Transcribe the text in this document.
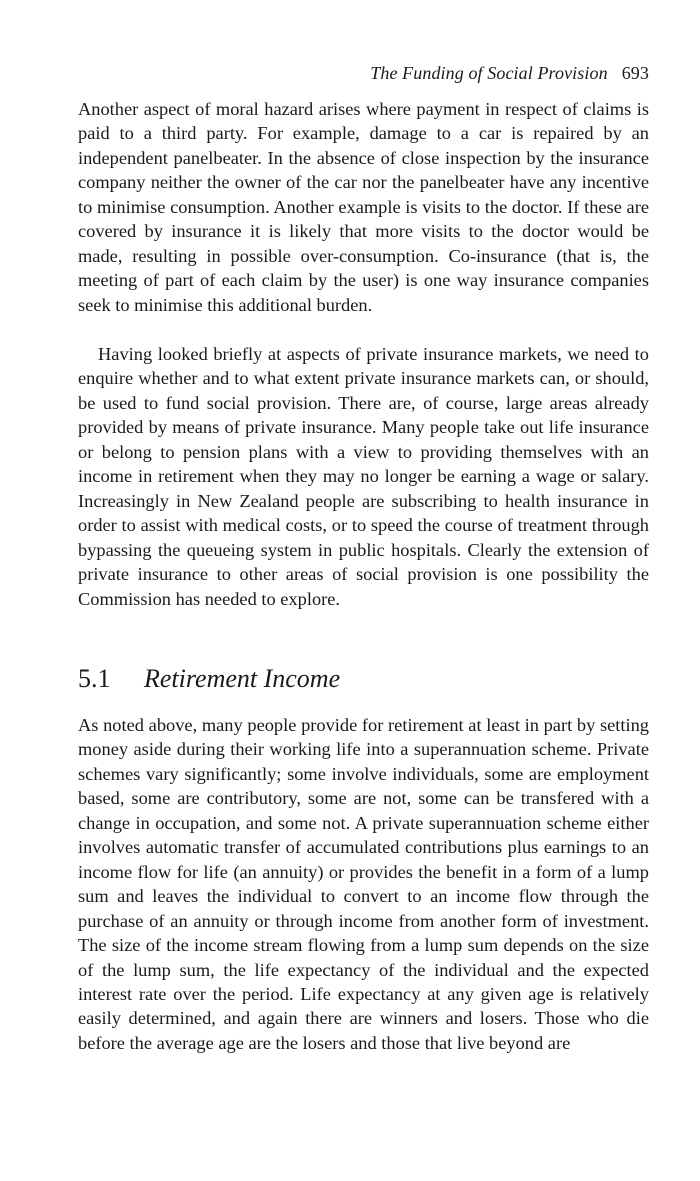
The Funding of Social Provision 693

Another aspect of moral hazard arises where payment in respect of claims is paid to a third party. For example, damage to a car is repaired by an independent panelbeater. In the absence of close inspection by the insurance company neither the owner of the car nor the panelbeater have any incentive to minimise consumption. Another example is visits to the doctor. If these are covered by insurance it is likely that more visits to the doctor would be made, resulting in possible over-consumption. Co-insurance (that is, the meeting of part of each claim by the user) is one way insurance companies seek to minimise this additional burden.

Having looked briefly at aspects of private insurance markets, we need to enquire whether and to what extent private insurance markets can, or should, be used to fund social provision. There are, of course, large areas already provided by means of private insurance. Many people take out life insurance or belong to pension plans with a view to providing themselves with an income in retirement when they may no longer be earning a wage or salary. Increasingly in New Zealand people are subscribing to health insurance in order to assist with medical costs, or to speed the course of treatment through bypassing the queueing system in public hospitals. Clearly the extension of private insurance to other areas of social provision is one possibility the Commission has needed to explore.

5.1 Retirement Income

As noted above, many people provide for retirement at least in part by setting money aside during their working life into a superannuation scheme. Private schemes vary significantly; some involve individuals, some are employment based, some are contributory, some are not, some can be transfered with a change in occupation, and some not. A private superannuation scheme either involves automatic transfer of accumulated contributions plus earnings to an income flow for life (an annuity) or provides the benefit in a form of a lump sum and leaves the individual to convert to an income flow through the purchase of an annuity or through income from another form of investment. The size of the income stream flowing from a lump sum depends on the size of the lump sum, the life expectancy of the individual and the expected interest rate over the period. Life expectancy at any given age is relatively easily determined, and again there are winners and losers. Those who die before the average age are the losers and those that live beyond are
